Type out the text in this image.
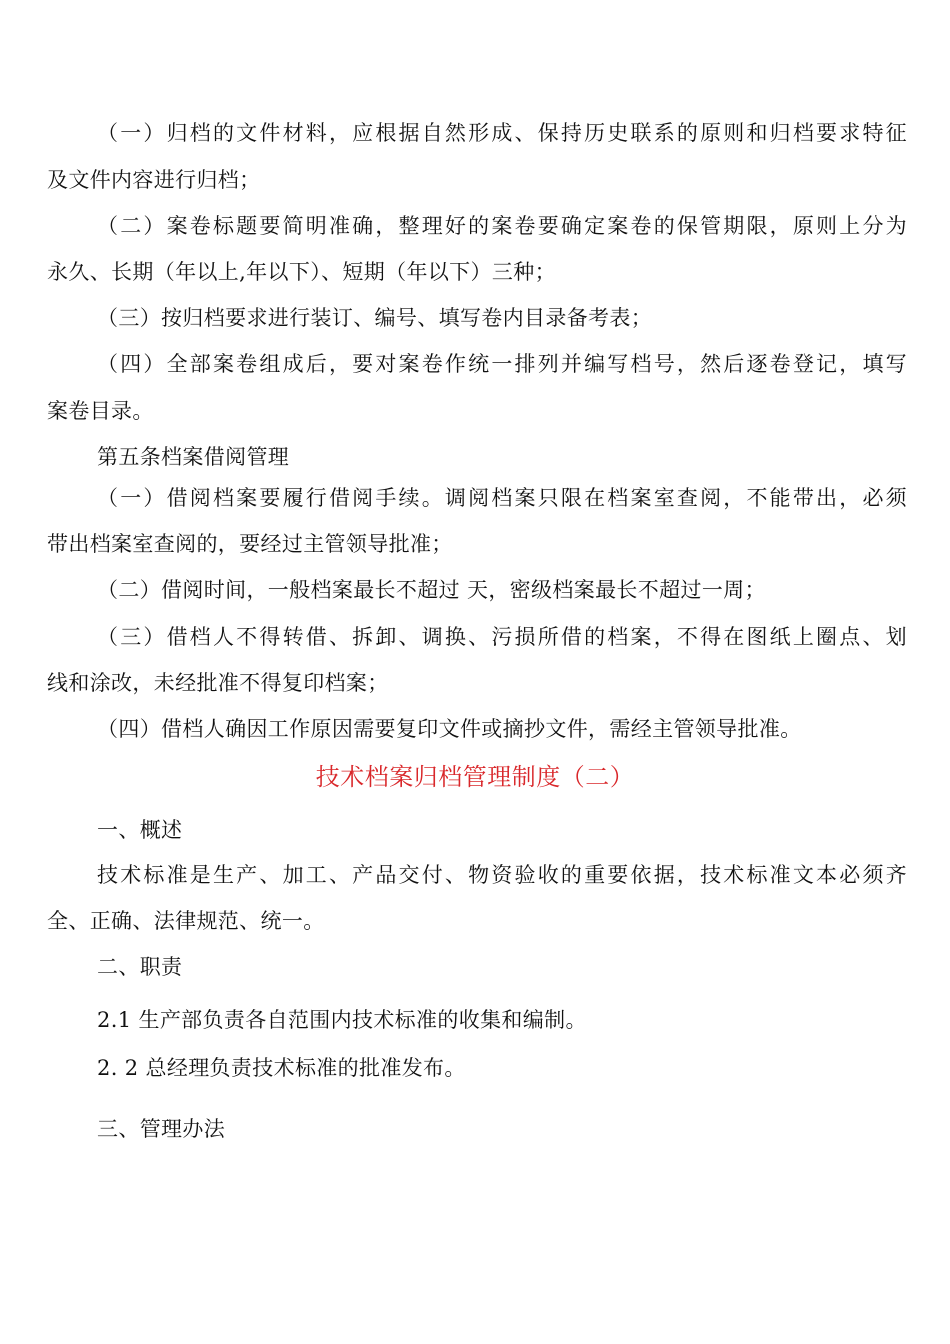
（一）归档的文件材料，应根据自然形成、保持历史联系的原则和归档要求特征
及文件内容进行归档；
（二）案卷标题要简明准确，整理好的案卷要确定案卷的保管期限，原则上分为
永久、长期（年以上,年以下）、短期（年以下）三种；
（三）按归档要求进行装订、编号、填写卷内目录备考表；
（四）全部案卷组成后，要对案卷作统一排列并编写档号，然后逐卷登记，填写
案卷目录。
第五条档案借阅管理
（一）借阅档案要履行借阅手续。调阅档案只限在档案室查阅，不能带出，必须
带出档案室查阅的，要经过主管领导批准；
（二）借阅时间，一般档案最长不超过 天，密级档案最长不超过一周；
（三）借档人不得转借、拆卸、调换、污损所借的档案，不得在图纸上圈点、划
线和涂改，未经批准不得复印档案；
（四）借档人确因工作原因需要复印文件或摘抄文件，需经主管领导批准。
技术档案归档管理制度（二）
一、概述
技术标准是生产、加工、产品交付、物资验收的重要依据，技术标准文本必须齐
全、正确、法律规范、统一。
二、职责
2.1 生产部负责各自范围内技术标准的收集和编制。
2. 2 总经理负责技术标准的批准发布。
三、管理办法
